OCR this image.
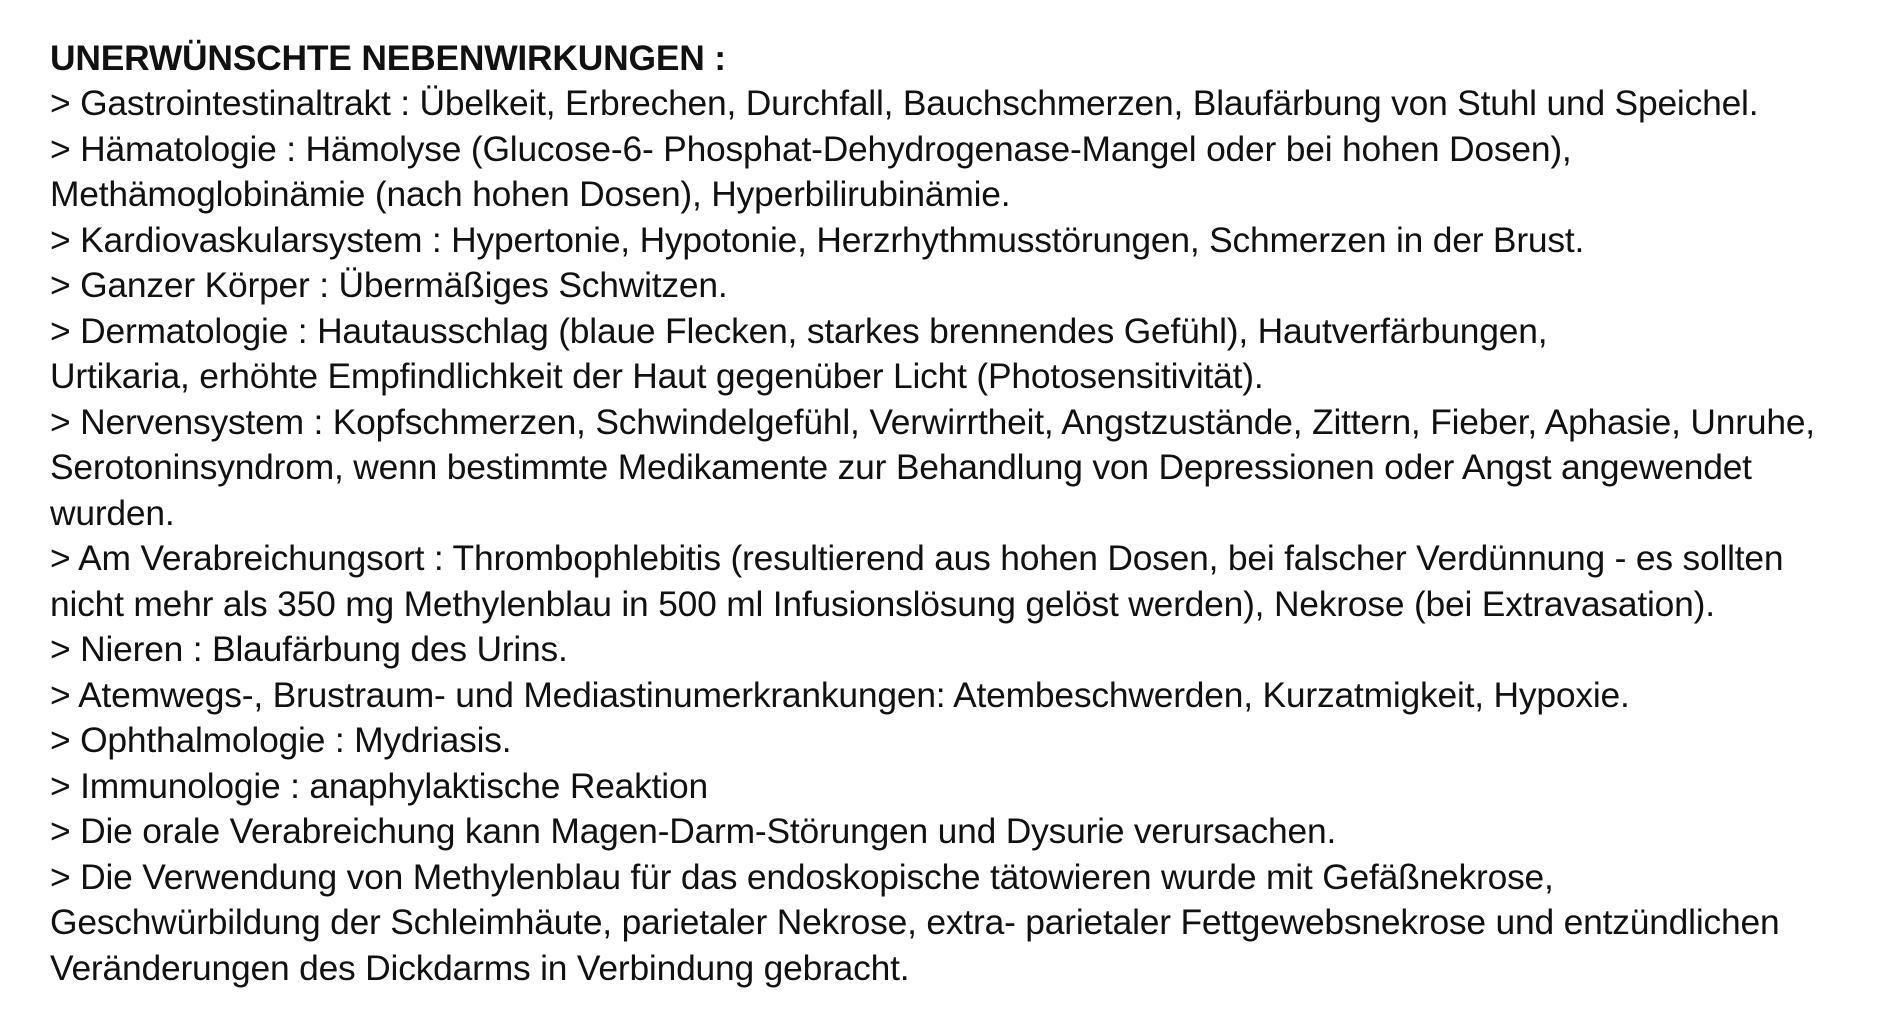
UNERWÜNSCHTE NEBENWIRKUNGEN :
> Gastrointestinaltrakt : Übelkeit, Erbrechen, Durchfall, Bauchschmerzen, Blaufärbung von Stuhl und Speichel.
> Hämatologie : Hämolyse (Glucose-6- Phosphat-Dehydrogenase-Mangel oder bei hohen Dosen),
Methämoglobinämie (nach hohen Dosen), Hyperbilirubinämie.
> Kardiovaskularsystem : Hypertonie, Hypotonie, Herzrhythmusstörungen, Schmerzen in der Brust.
> Ganzer Körper : Übermäßiges Schwitzen.
> Dermatologie : Hautausschlag (blaue Flecken, starkes brennendes Gefühl), Hautverfärbungen,
Urtikaria, erhöhte Empfindlichkeit der Haut gegenüber Licht (Photosensitivität).
> Nervensystem : Kopfschmerzen, Schwindelgefühl, Verwirrtheit, Angstzustände, Zittern, Fieber, Aphasie, Unruhe,
Serotoninsyndrom, wenn bestimmte Medikamente zur Behandlung von Depressionen oder Angst angewendet
wurden.
> Am Verabreichungsort : Thrombophlebitis (resultierend aus hohen Dosen, bei falscher Verdünnung - es sollten
nicht mehr als 350 mg Methylenblau in 500 ml Infusionslösung gelöst werden), Nekrose (bei Extravasation).
> Nieren : Blaufärbung des Urins.
> Atemwegs-, Brustraum- und Mediastinumerkrankungen: Atembeschwerden, Kurzatmigkeit, Hypoxie.
> Ophthalmologie : Mydriasis.
> Immunologie : anaphylaktische Reaktion
> Die orale Verabreichung kann Magen-Darm-Störungen und Dysurie verursachen.
> Die Verwendung von Methylenblau für das endoskopische tätowieren wurde mit Gefäßnekrose,
Geschwürbildung der Schleimhäute, parietaler Nekrose, extra- parietaler Fettgewebsnekrose und entzündlichen
Veränderungen des Dickdarms in Verbindung gebracht.
